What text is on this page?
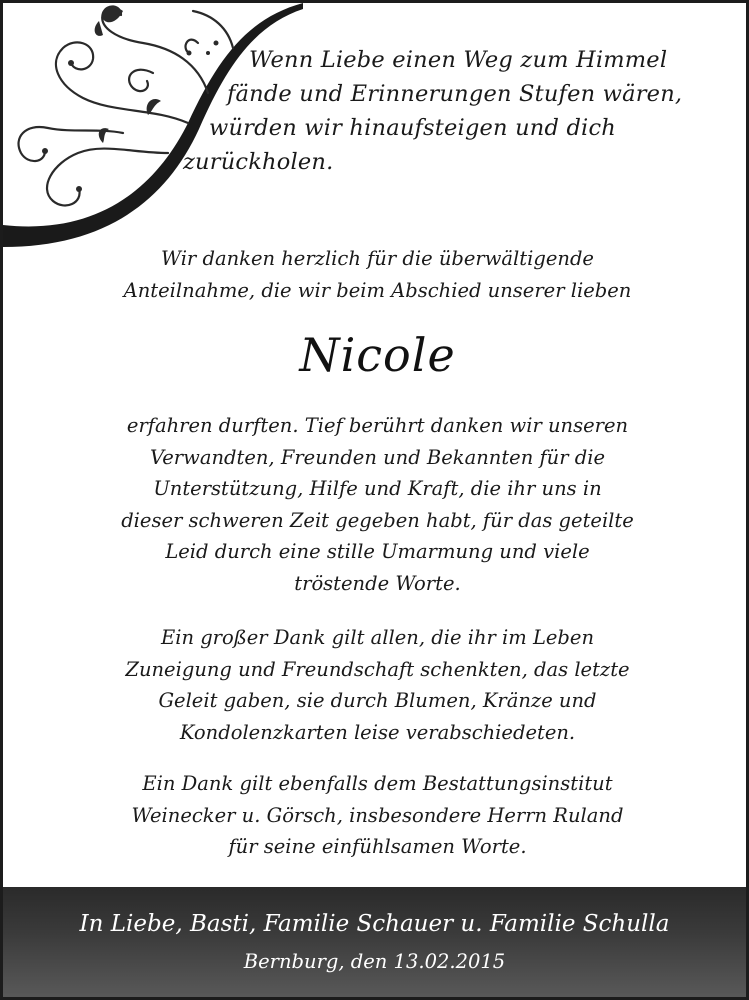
Wenn Liebe einen Weg zum Himmel
fände und Erinnerungen Stufen wären,
würden wir hinaufsteigen und dich
zurückholen.
Wir danken herzlich für die überwältigende
Anteilnahme, die wir beim Abschied unserer lieben
Nicole
erfahren durften. Tief berührt danken wir unseren
Verwandten, Freunden und Bekannten für die
Unterstützung, Hilfe und Kraft, die ihr uns in
dieser schweren Zeit gegeben habt, für das geteilte
Leid durch eine stille Umarmung und viele
tröstende Worte.
Ein großer Dank gilt allen, die ihr im Leben
Zuneigung und Freundschaft schenkten, das letzte
Geleit gaben, sie durch Blumen, Kränze und
Kondolenzkarten leise verabschiedeten.
Ein Dank gilt ebenfalls dem Bestattungsinstitut
Weinecker u. Görsch, insbesondere Herrn Ruland
für seine einfühlsamen Worte.
In Liebe, Basti, Familie Schauer u. Familie Schulla
Bernburg, den 13.02.2015
